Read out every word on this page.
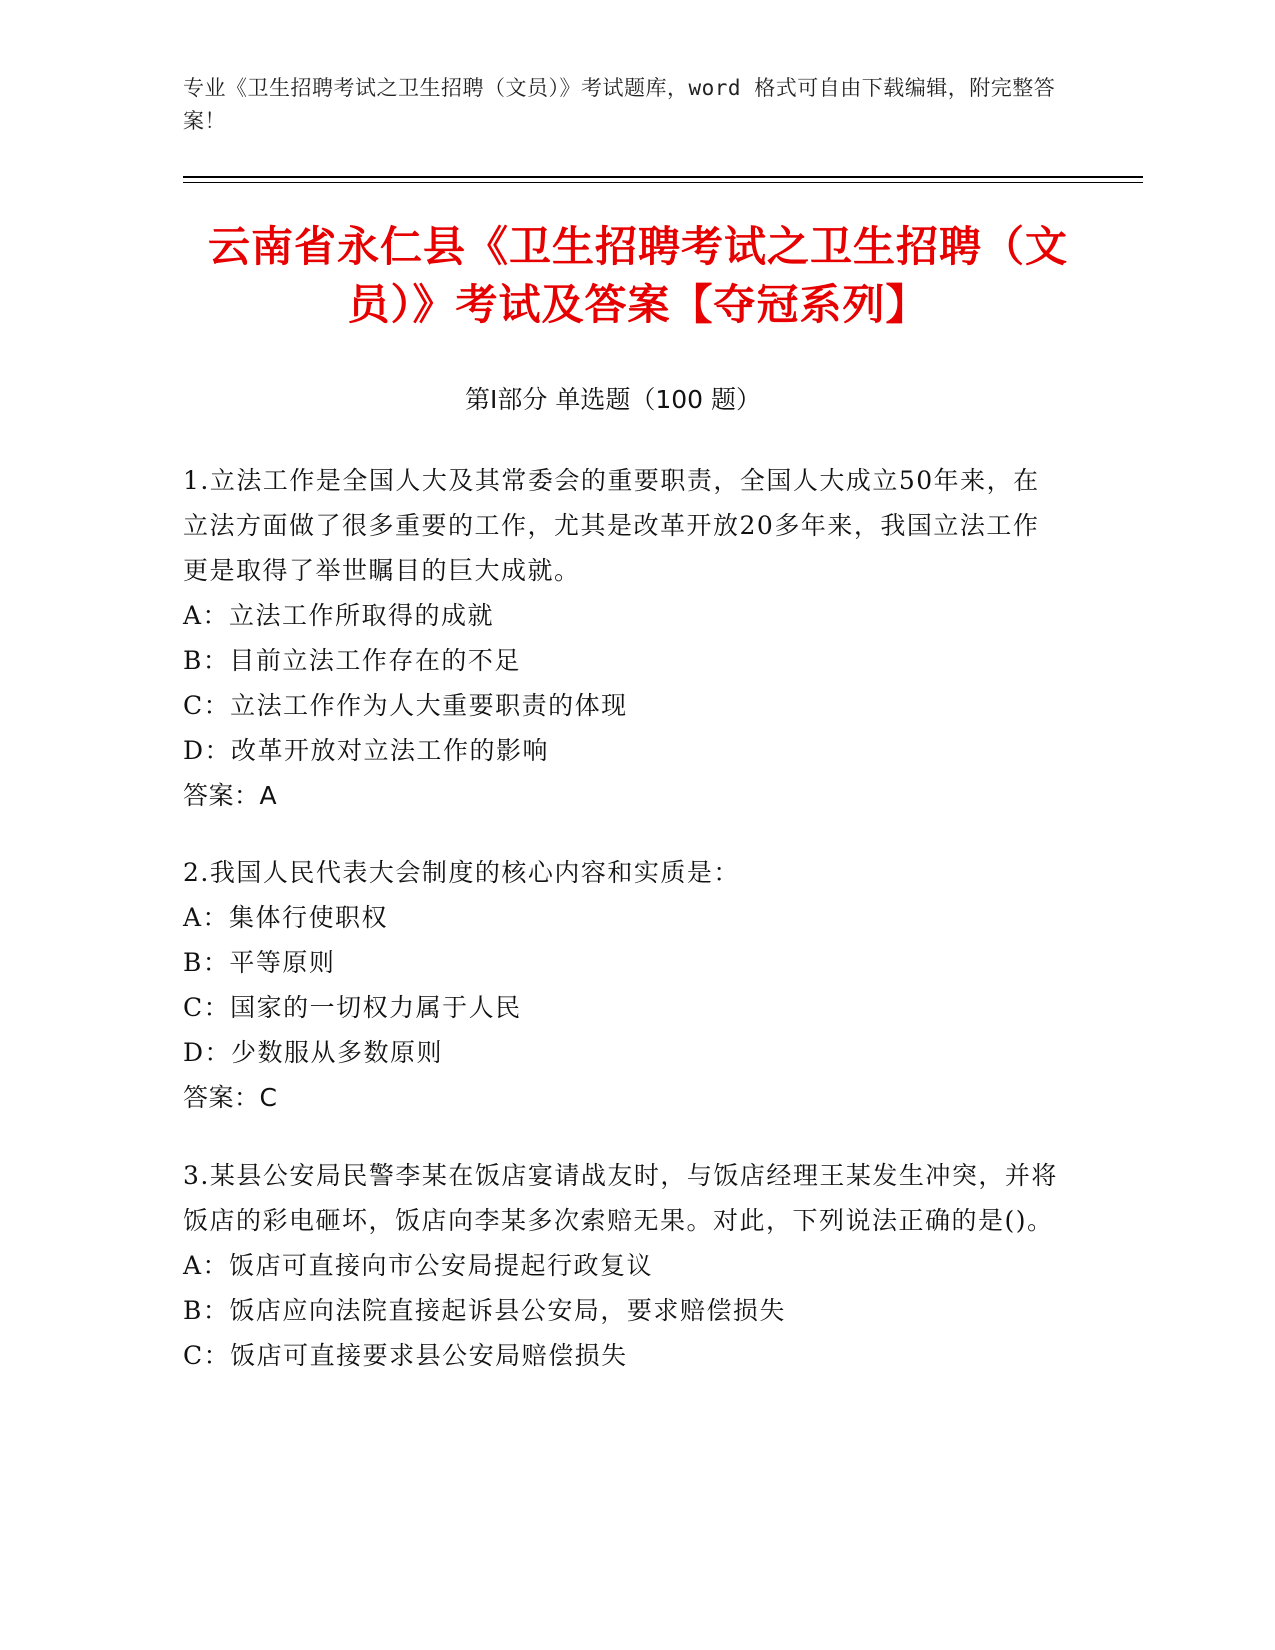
专业《卫生招聘考试之卫生招聘（文员）》考试题库，word 格式可自由下载编辑，附完整答案！
云南省永仁县《卫生招聘考试之卫生招聘（文员）》考试及答案【夺冠系列】
第Ⅰ部分 单选题（100 题）
1.立法工作是全国人大及其常委会的重要职责，全国人大成立50年来，在立法方面做了很多重要的工作，尤其是改革开放20多年来，我国立法工作更是取得了举世瞩目的巨大成就。
A：立法工作所取得的成就
B：目前立法工作存在的不足
C：立法工作作为人大重要职责的体现
D：改革开放对立法工作的影响
答案：A
2.我国人民代表大会制度的核心内容和实质是：
A：集体行使职权
B：平等原则
C：国家的一切权力属于人民
D：少数服从多数原则
答案：C
3.某县公安局民警李某在饭店宴请战友时，与饭店经理王某发生冲突，并将饭店的彩电砸坏，饭店向李某多次索赔无果。对此，下列说法正确的是()。
A：饭店可直接向市公安局提起行政复议
B：饭店应向法院直接起诉县公安局，要求赔偿损失
C：饭店可直接要求县公安局赔偿损失
